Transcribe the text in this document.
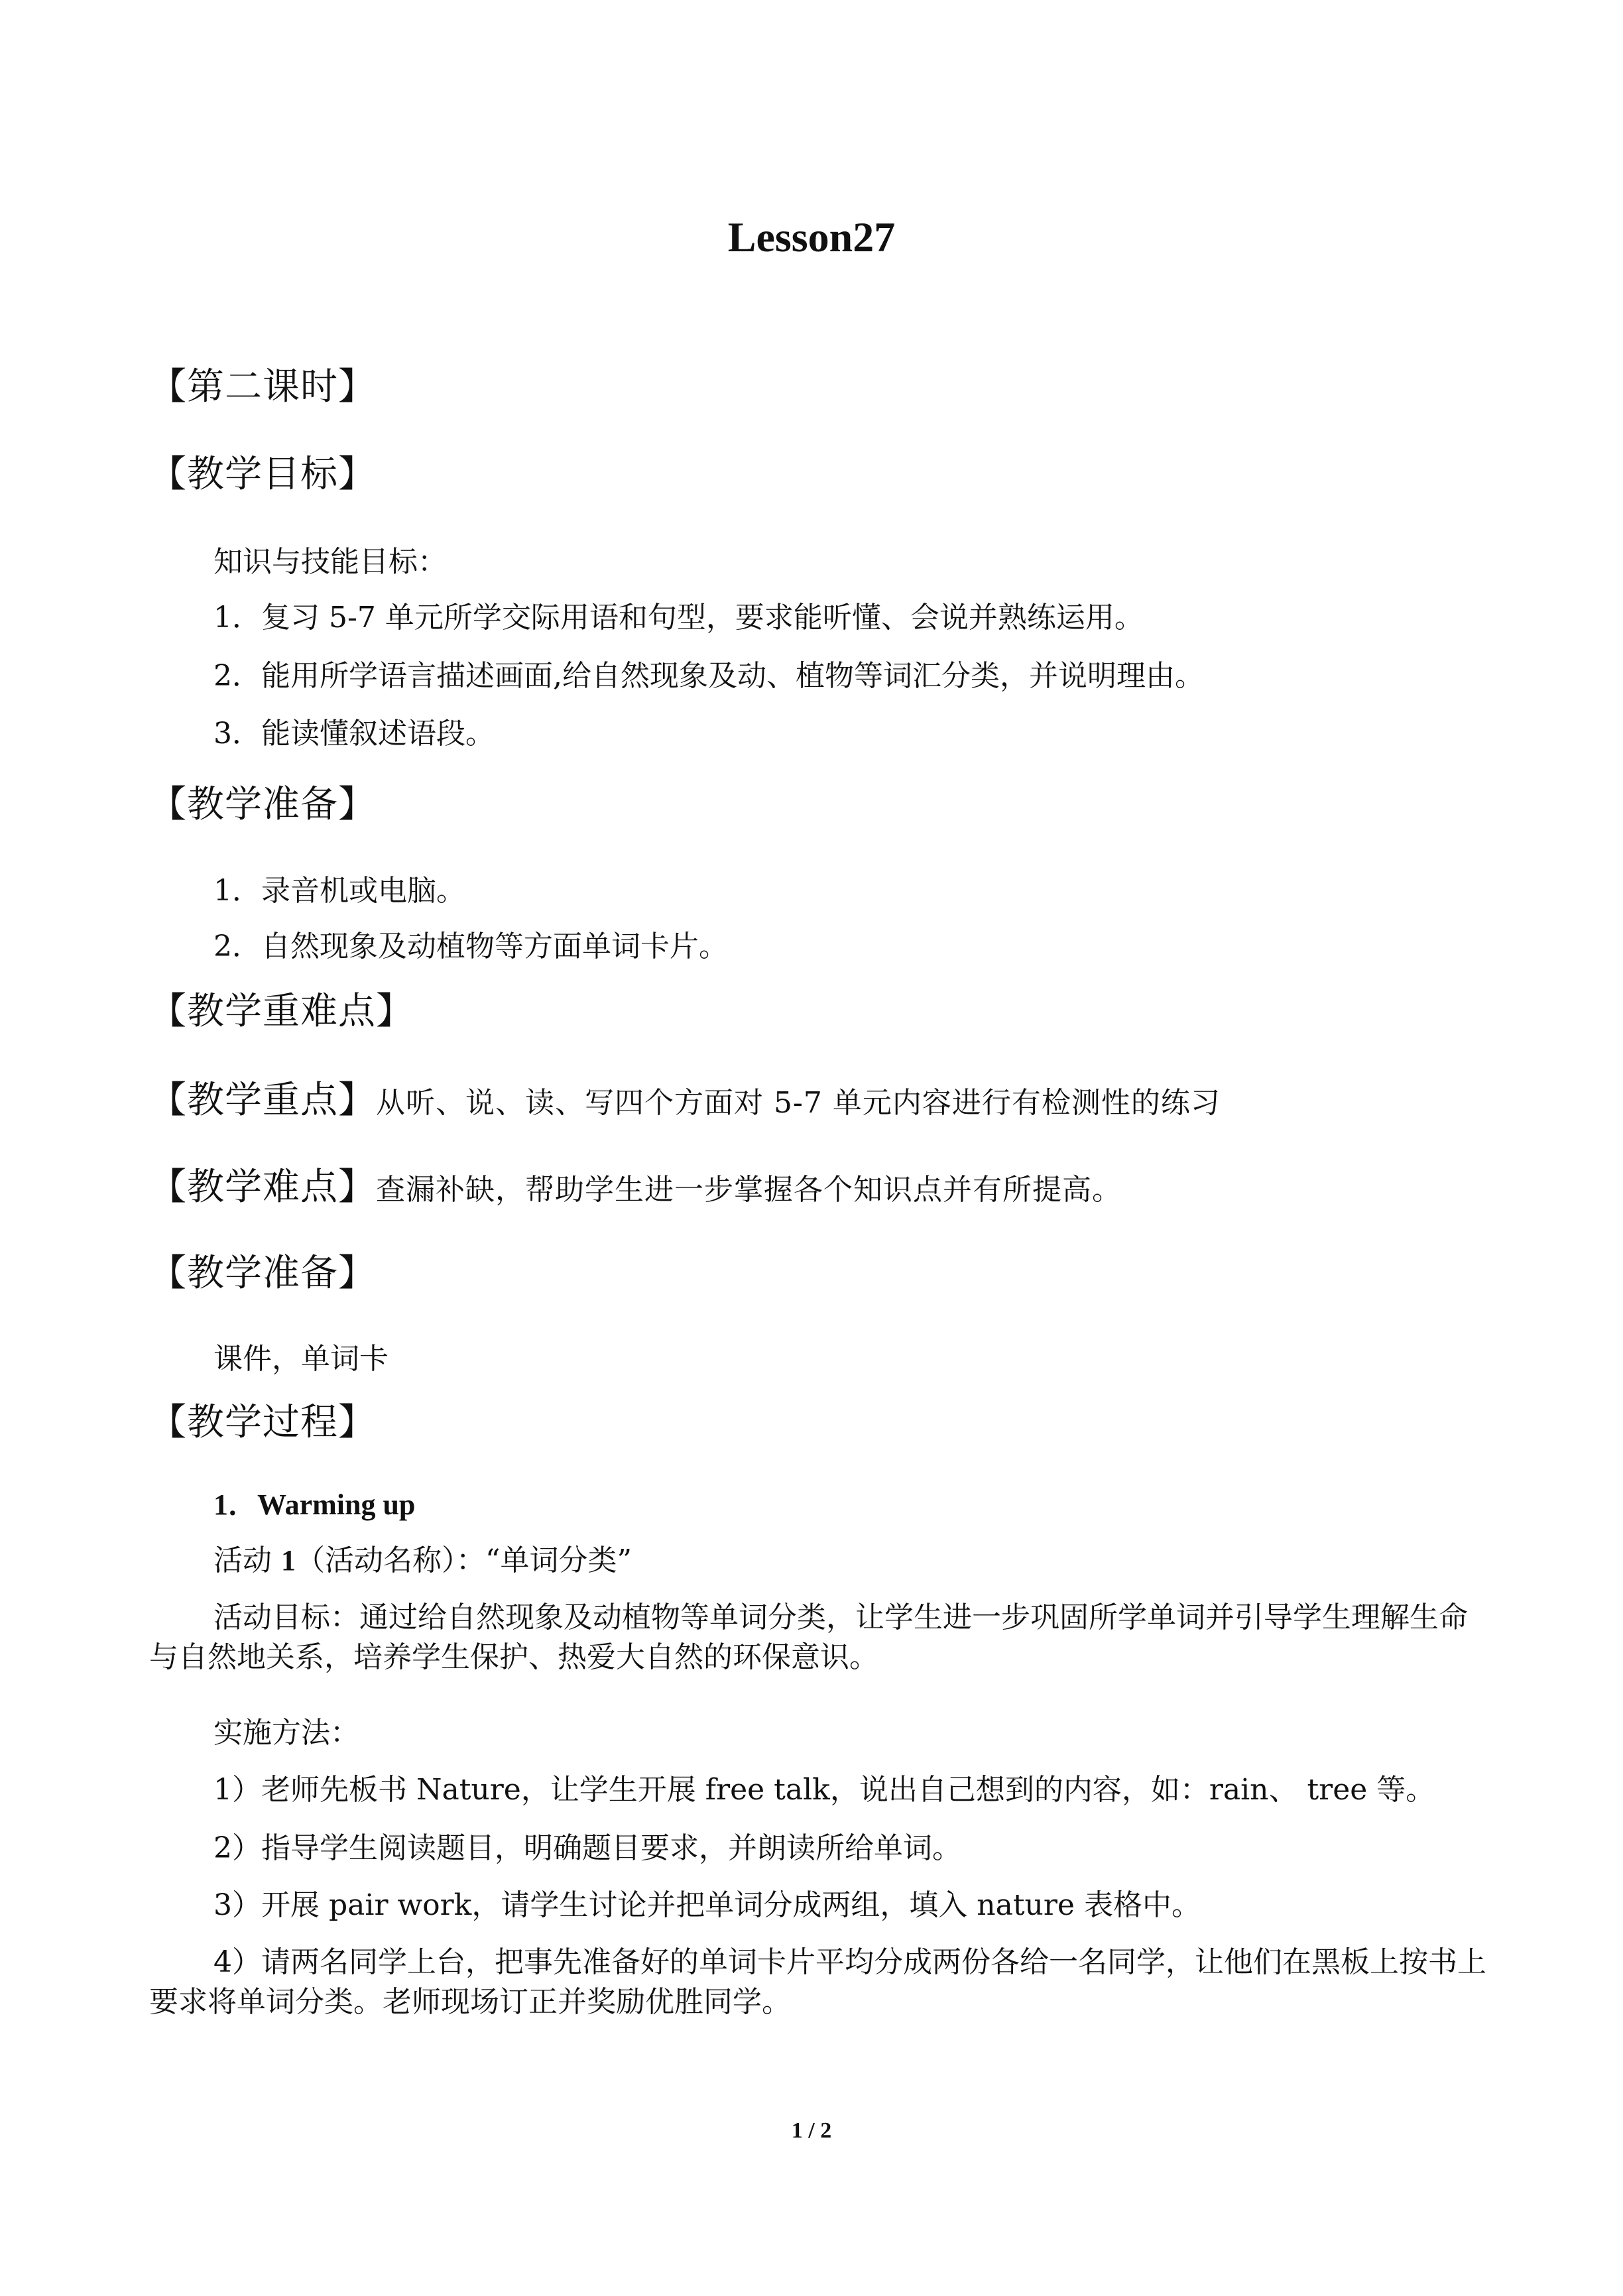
Lesson27
【第二课时】
【教学目标】
知识与技能目标：
1．复习 5-7 单元所学交际用语和句型，要求能听懂、会说并熟练运用。
2．能用所学语言描述画面,给自然现象及动、植物等词汇分类，并说明理由。
3．能读懂叙述语段。
【教学准备】
1．录音机或电脑。
2．自然现象及动植物等方面单词卡片。
【教学重难点】
【教学重点】从听、说、读、写四个方面对 5-7 单元内容进行有检测性的练习
【教学难点】查漏补缺，帮助学生进一步掌握各个知识点并有所提高。
【教学准备】
课件，单词卡
【教学过程】
1．Warming up
活动 1（活动名称）：“单词分类”

活动目标：通过给自然现象及动植物等单词分类，让学生进一步巩固所学单词并引导学生理解生命与自然地关系，培养学生保护、热爱大自然的环保意识。

实施方法：
1）老师先板书 Nature，让学生开展 free talk，说出自己想到的内容，如：rain、 tree 等。
2）指导学生阅读题目，明确题目要求，并朗读所给单词。
3）开展 pair work，请学生讨论并把单词分成两组，填入 nature 表格中。

4）请两名同学上台，把事先准备好的单词卡片平均分成两份各给一名同学，让他们在黑板上按书上要求将单词分类。老师现场订正并奖励优胜同学。

1 / 2
